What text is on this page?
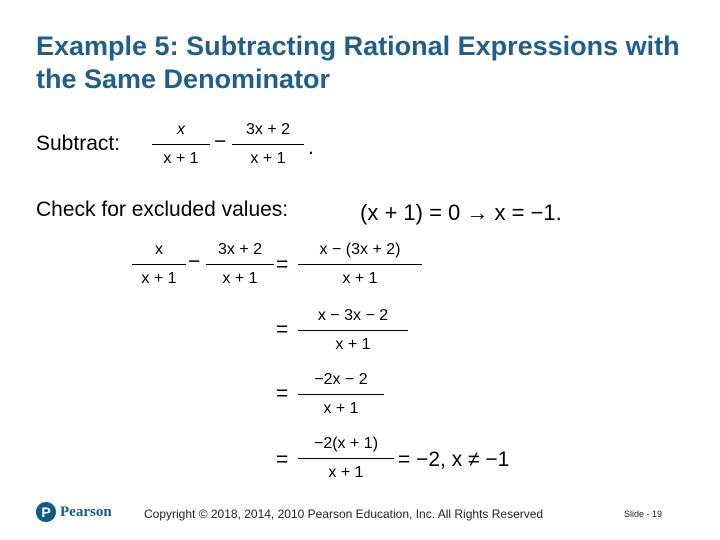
Example 5: Subtracting Rational Expressions with the Same Denominator
Subtract:
x
x + 1
−
3x + 2
x + 1 .
Check for excluded values:	(x + 1) = 0 → x = −1.
x
x + 1
−
3x + 2
x + 1
=
x − (3x + 2)
x + 1
=
x − 3x − 2
x + 1
=
−2x − 2
x + 1
=
−2(x + 1)
x + 1
= −2, x ≠ −1
P Pearson	Copyright © 2018, 2014, 2010 Pearson Education, Inc. All Rights Reserved	Slide - 19
